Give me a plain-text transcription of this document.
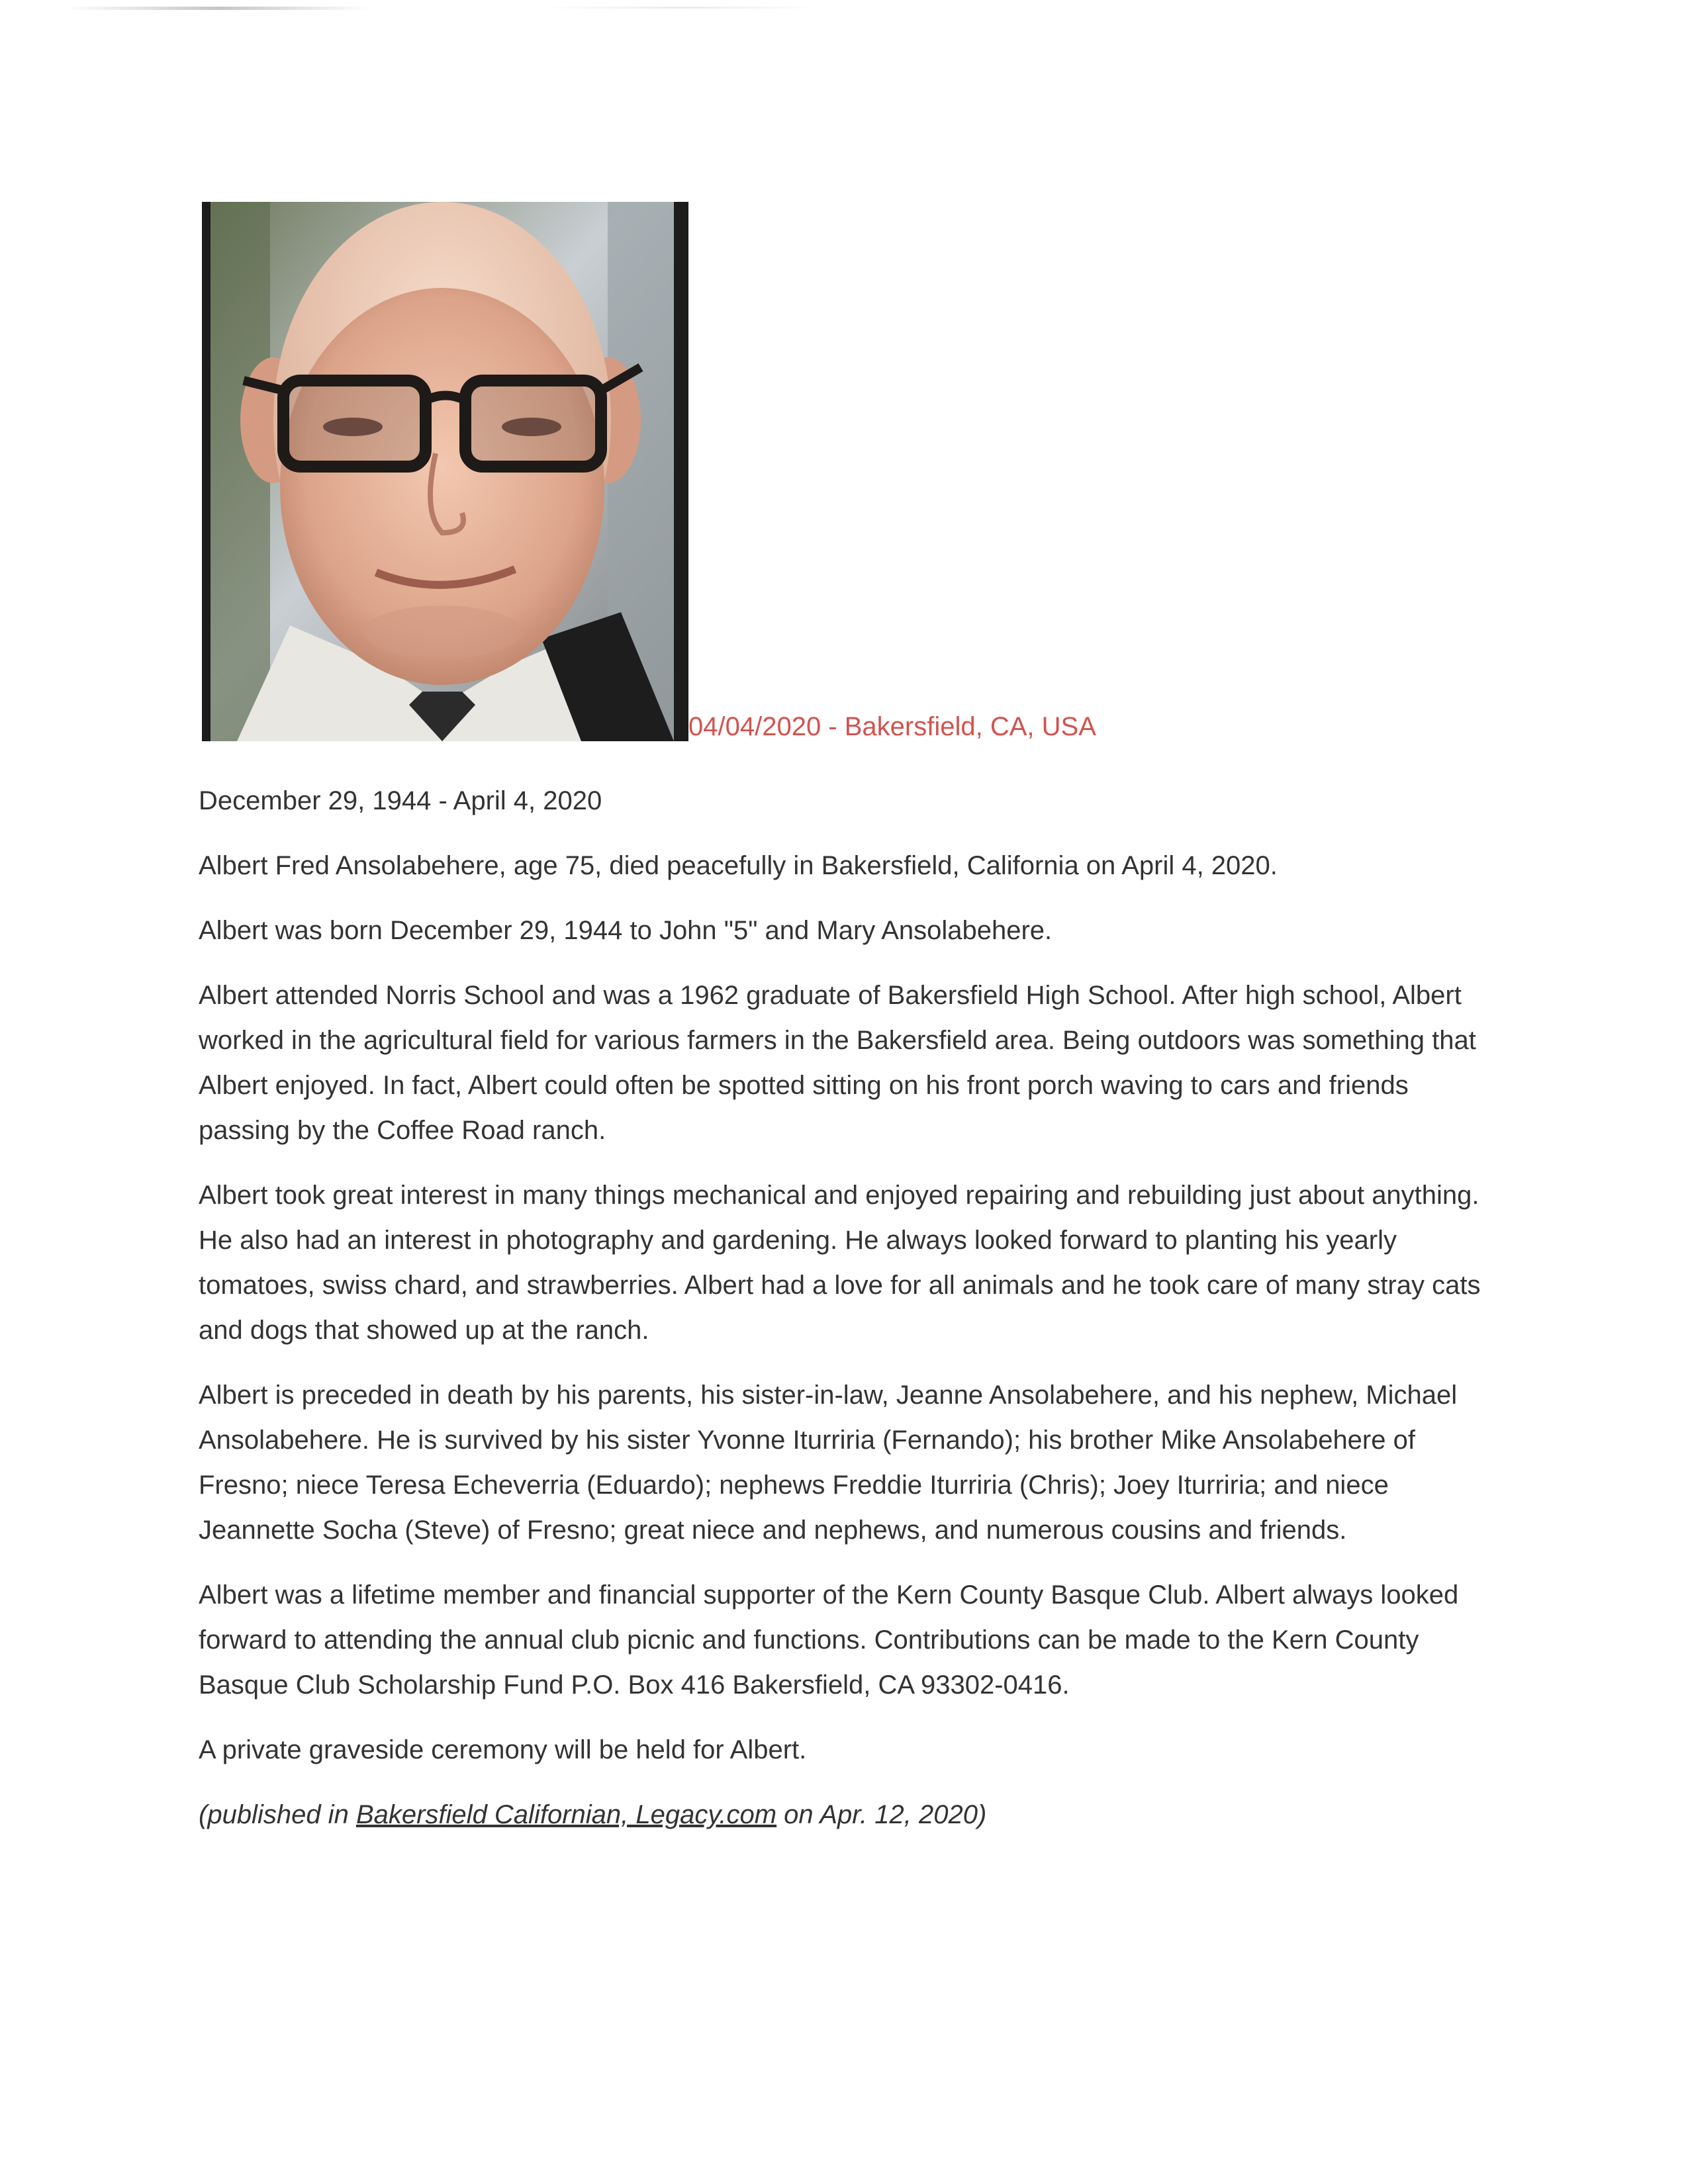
04/04/2020 - Bakersfield, CA, USA

December 29, 1944 - April 4, 2020

Albert Fred Ansolabehere, age 75, died peacefully in Bakersfield, California on April 4, 2020.

Albert was born December 29, 1944 to John "5" and Mary Ansolabehere.

Albert attended Norris School and was a 1962 graduate of Bakersfield High School. After high school, Albert worked in the agricultural field for various farmers in the Bakersfield area. Being outdoors was something that Albert enjoyed. In fact, Albert could often be spotted sitting on his front porch waving to cars and friends passing by the Coffee Road ranch.

Albert took great interest in many things mechanical and enjoyed repairing and rebuilding just about anything. He also had an interest in photography and gardening. He always looked forward to planting his yearly tomatoes, swiss chard, and strawberries. Albert had a love for all animals and he took care of many stray cats and dogs that showed up at the ranch.

Albert is preceded in death by his parents, his sister-in-law, Jeanne Ansolabehere, and his nephew, Michael Ansolabehere. He is survived by his sister Yvonne Iturriria (Fernando); his brother Mike Ansolabehere of Fresno; niece Teresa Echeverria (Eduardo); nephews Freddie Iturriria (Chris); Joey Iturriria; and niece Jeannette Socha (Steve) of Fresno; great niece and nephews, and numerous cousins and friends.

Albert was a lifetime member and financial supporter of the Kern County Basque Club. Albert always looked forward to attending the annual club picnic and functions. Contributions can be made to the Kern County Basque Club Scholarship Fund P.O. Box 416 Bakersfield, CA 93302-0416.

A private graveside ceremony will be held for Albert.

(published in Bakersfield Californian, Legacy.com on Apr. 12, 2020)
